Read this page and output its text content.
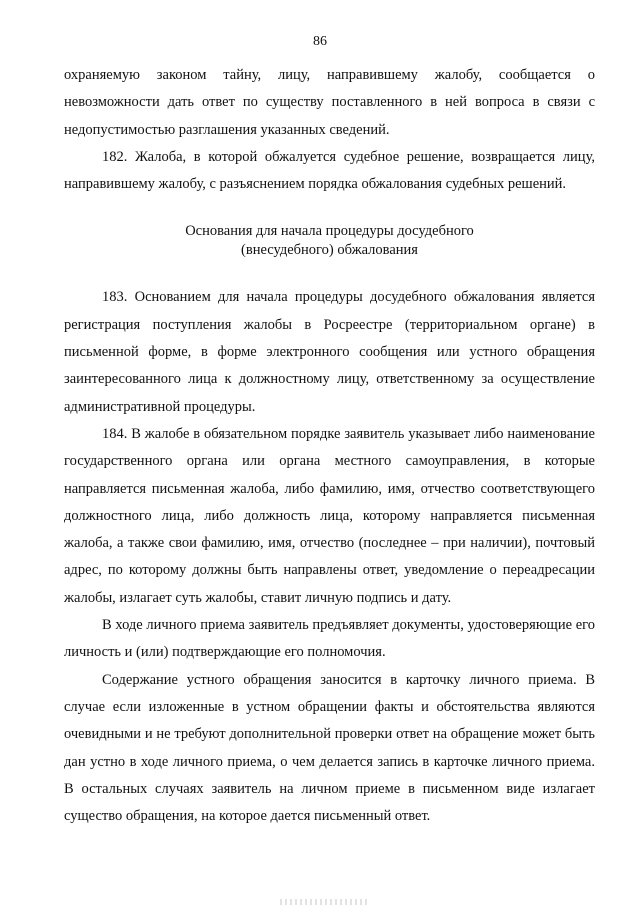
86

охраняемую законом тайну, лицу, направившему жалобу, сообщается о невозможности дать ответ по существу поставленного в ней вопроса в связи с недопустимостью разглашения указанных сведений.

182. Жалоба, в которой обжалуется судебное решение, возвращается лицу, направившему жалобу, с разъяснением порядка обжалования судебных решений.

Основания для начала процедуры досудебного
(внесудебного) обжалования

183. Основанием для начала процедуры досудебного обжалования является регистрация поступления жалобы в Росреестре (территориальном органе) в письменной форме, в форме электронного сообщения или устного обращения заинтересованного лица к должностному лицу, ответственному за осуществление административной процедуры.

184. В жалобе в обязательном порядке заявитель указывает либо наименование государственного органа или органа местного самоуправления, в которые направляется письменная жалоба, либо фамилию, имя, отчество соответствующего должностного лица, либо должность лица, которому направляется письменная жалоба, а также свои фамилию, имя, отчество (последнее – при наличии), почтовый адрес, по которому должны быть направлены ответ, уведомление о переадресации жалобы, излагает суть жалобы, ставит личную подпись и дату.

В ходе личного приема заявитель предъявляет документы, удостоверяющие его личность и (или) подтверждающие его полномочия.

Содержание устного обращения заносится в карточку личного приема. В случае если изложенные в устном обращении факты и обстоятельства являются очевидными и не требуют дополнительной проверки ответ на обращение может быть дан устно в ходе личного приема, о чем делается запись в карточке личного приема. В остальных случаях заявитель на личном приеме в письменном виде излагает существо обращения, на которое дается письменный ответ.
